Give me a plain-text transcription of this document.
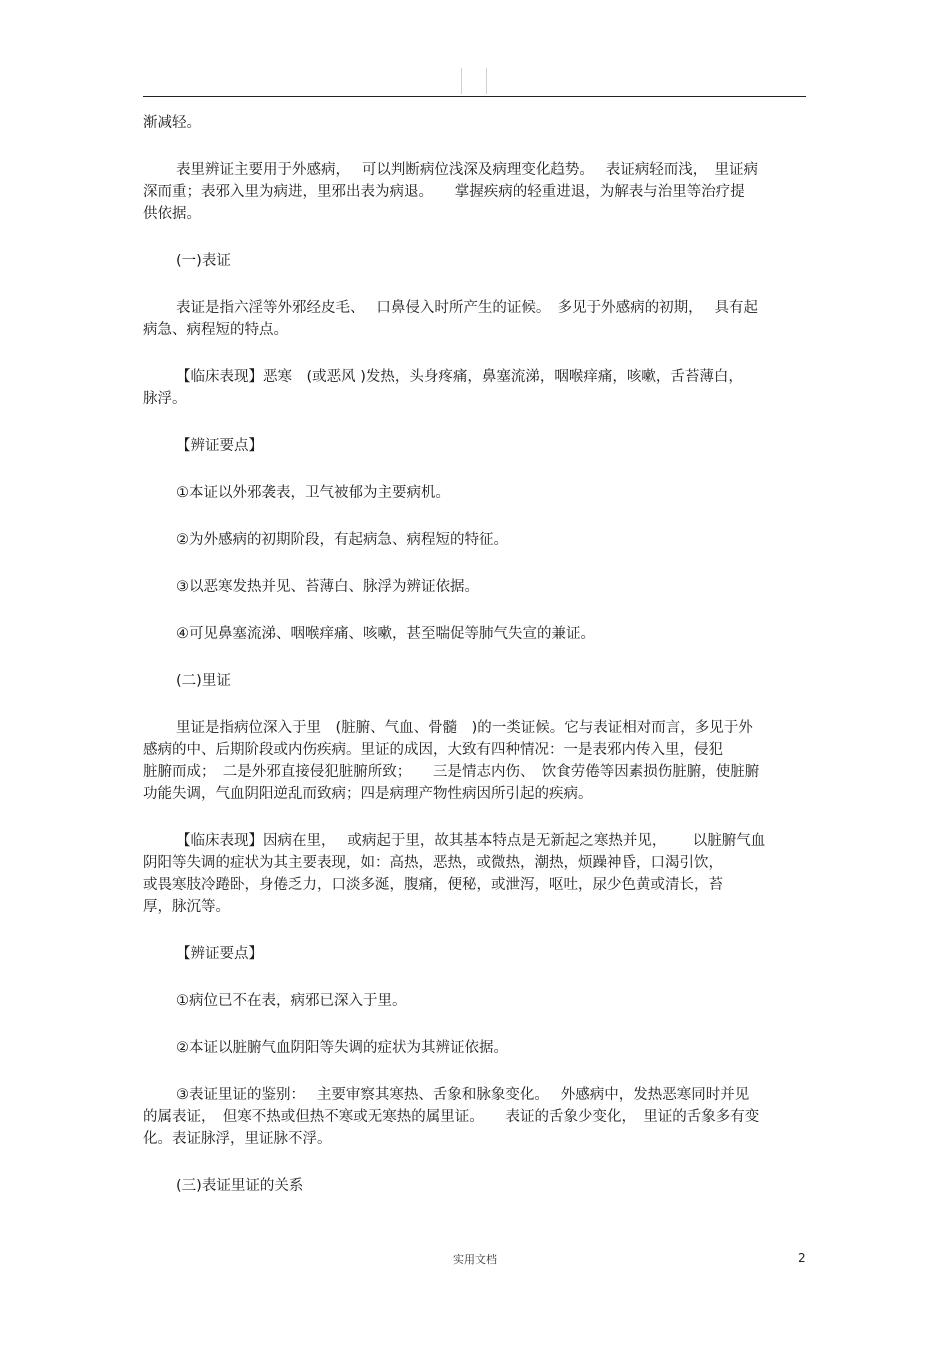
渐减轻。
表里辨证主要用于外感病，　 可以判断病位浅深及病理变化趋势。　 表证病轻而浅，　里证病
深而重；表邪入里为病进，里邪出表为病退。　　掌握疾病的轻重进退，为解表与治里等治疗提
供依据。
(一)表证
表证是指六淫等外邪经皮毛、　 口鼻侵入时所产生的证候。　多见于外感病的初期，　 具有起
病急、病程短的特点。
【临床表现】恶寒　(或恶风 )发热，头身疼痛，鼻塞流涕，咽喉痒痛，咳嗽，舌苔薄白，
脉浮。
【辨证要点】
①本证以外邪袭表，卫气被郁为主要病机。
②为外感病的初期阶段，有起病急、病程短的特征。
③以恶寒发热并见、苔薄白、脉浮为辨证依据。
④可见鼻塞流涕、咽喉痒痛、咳嗽，甚至喘促等肺气失宣的兼证。
(二)里证
里证是指病位深入于里　(脏腑、气血、骨髓　)的一类证候。它与表证相对而言，多见于外
感病的中、后期阶段或内伤疾病。里证的成因，大致有四种情况：一是表邪内传入里，侵犯
脏腑而成；　二是外邪直接侵犯脏腑所致；　　三是情志内伤、　饮食劳倦等因素损伤脏腑，使脏腑
功能失调，气血阴阳逆乱而致病；四是病理产物性病因所引起的疾病。
【临床表现】因病在里，　 或病起于里，故其基本特点是无新起之寒热并见，　　 以脏腑气血
阴阳等失调的症状为其主要表现，如：高热，恶热，或微热，潮热，烦躁神昏，口渴引饮，
或畏寒肢冷踡卧，身倦乏力，口淡多涎，腹痛，便秘，或泄泻，呕吐，尿少色黄或清长，苔
厚，脉沉等。
【辨证要点】
①病位已不在表，病邪已深入于里。
②本证以脏腑气血阴阳等失调的症状为其辨证依据。
③表证里证的鉴别：　 主要审察其寒热、舌象和脉象变化。　 外感病中，发热恶寒同时并见
的属表证，　但寒不热或但热不寒或无寒热的属里证。　　表证的舌象少变化，　里证的舌象多有变
化。表证脉浮，里证脉不浮。
(三)表证里证的关系
实用文档	2
